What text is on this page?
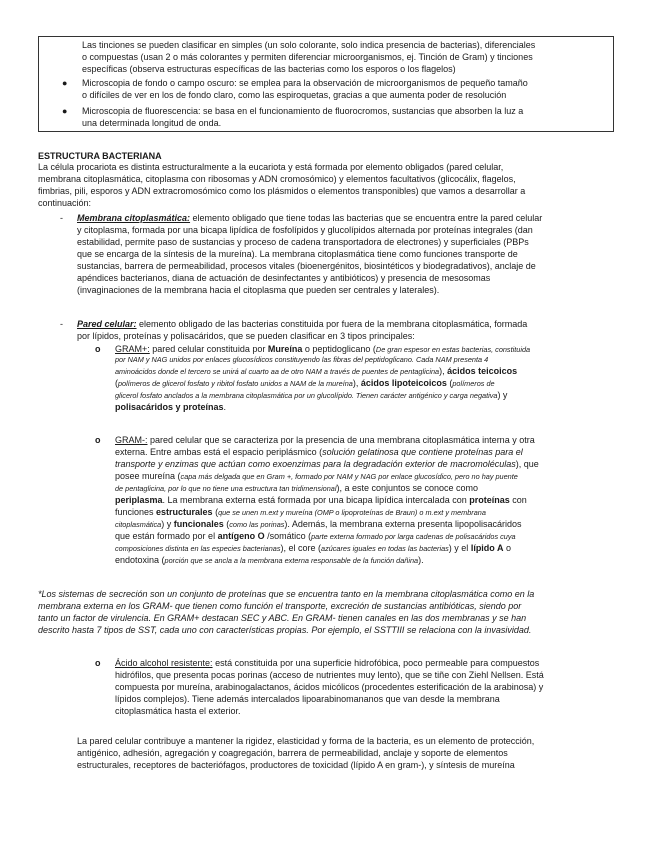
Las tinciones se pueden clasificar en simples (un solo colorante, solo indica presencia de bacterias), diferenciales
o compuestas (usan 2 o más colorantes y permiten diferenciar microorganismos, ej. Tinción de Gram) y tinciones
específicas (observa estructuras específicas de las bacterias como los esporos o los flagelos)
● Microscopia de fondo o campo oscuro: se emplea para la observación de microorganismos de pequeño tamaño
o difíciles de ver en los de fondo claro, como las espiroquetas, gracias a que aumenta poder de resolución
● Microscopia de fluorescencia: se basa en el funcionamiento de fluorocromos, sustancias que absorben la luz a
una determinada longitud de onda.
ESTRUCTURA BACTERIANA
La célula procariota es distinta estructuralmente a la eucariota y está formada por elemento obligados (pared celular,
membrana citoplasmática, citoplasma con ribosomas y ADN cromosómico) y elementos facultativos (glicocálix, flagelos,
fimbrias, pili, esporos y ADN extracromosómico como los plásmidos o elementos transponibles) que vamos a desarrollar a
continuación:
- Membrana citoplasmática: elemento obligado que tiene todas las bacterias que se encuentra entre la pared celular
y citoplasma, formada por una bicapa lipídica de fosfolípidos y glucolípidos alternada por proteínas integrales (dan
estabilidad, permite paso de sustancias y proceso de cadena transportadora de electrones) y superficiales (PBPs
que se encarga de la síntesis de la mureína). La membrana citoplasmática tiene como funciones transporte de
sustancias, barrera de permeabilidad, procesos vitales (bioenergénitos, biosintéticos y biodegradativos), anclaje de
apéndices bacterianos, diana de actuación de desinfectantes y antibióticos) y presencia de mesosomas
(invaginaciones de la membrana hacia el citoplasma que pueden ser centrales y laterales).
- Pared celular: elemento obligado de las bacterias constituida por fuera de la membrana citoplasmática, formada
por lípidos, proteínas y polisacáridos, que se pueden clasificar en 3 tipos principales:
o GRAM+: pared celular constituida por Mureína o peptidoglicano (De gran espesor en estas bacterias, constituida
por NAM y NAG unidos por enlaces glucosídicos constituyendo las fibras del peptidoglicano. Cada NAM presenta 4
aminoácidos donde el tercero se unirá al cuarto aa de otro NAM a través de puentes de pentaglicina), ácidos teicoicos
(polímeros de glicerol fosfato y ribitol fosfato unidos a NAM de la mureína), ácidos lipoteicoicos (polímeros de
glicerol fosfato anclados a la membrana citoplasmática por un glucolípido. Tienen carácter antigénico y carga negativa) y
polisacáridos y proteínas.
o GRAM-: pared celular que se caracteriza por la presencia de una membrana citoplasmática interna y otra
externa. Entre ambas está el espacio periplásmico (solución gelatinosa que contiene proteínas para el
transporte y enzimas que actúan como exoenzimas para la degradación exterior de macromoléculas), que
posee mureína (capa más delgada que en Gram +, formado por NAM y NAG por enlace glucosídico, pero no hay puente
de pentaglicina, por lo que no tiene una estructura tan tridimensional), a este conjuntos se conoce como
periplasma. La membrana externa está formada por una bicapa lipídica intercalada con proteínas con
funciones estructurales (que se unen m.ext y mureína (OMP o lipoproteínas de Braun) o m.ext y membrana
citoplasmática) y funcionales (como las porinas). Además, la membrana externa presenta lipopolisacáridos
que están formado por el antígeno O /somático (parte externa formado por larga cadenas de polisacáridos cuya
composiciones distinta en las especies bacterianas), el core (azúcares iguales en todas las bacterias) y el lípido A o
endotoxina (porción que se ancla a la membrana externa responsable de la función dañina).
*Los sistemas de secreción son un conjunto de proteínas que se encuentra tanto en la membrana citoplasmática como en la
membrana externa en los GRAM- que tienen como función el transporte, excreción de sustancias antibióticas, siendo por
tanto un factor de virulencia. En GRAM+ destacan SEC y ABC. En GRAM- tienen canales en las dos membranas y se han
descrito hasta 7 tipos de SST, cada uno con características propias. Por ejemplo, el SSTTIII se relaciona con la invasividad.
o Ácido alcohol resistente: está constituida por una superficie hidrofóbica, poco permeable para compuestos
hidrófilos, que presenta pocas porinas (acceso de nutrientes muy lento), que se tiñe con Ziehl Nellsen. Está
compuesta por mureína, arabinogalactanos, ácidos micólicos (procedentes esterificación de la arabinosa) y
lípidos complejos). Tiene además intercalados lipoarabinomananos que van desde la membrana
citoplasmática hasta el exterior.
La pared celular contribuye a mantener la rigidez, elasticidad y forma de la bacteria, es un elemento de protección,
antigénico, adhesión, agregación y coagregación, barrera de permeabilidad, anclaje y soporte de elementos
estructurales, receptores de bacteriófagos, productores de toxicidad (lípido A en gram-), y síntesis de mureína
